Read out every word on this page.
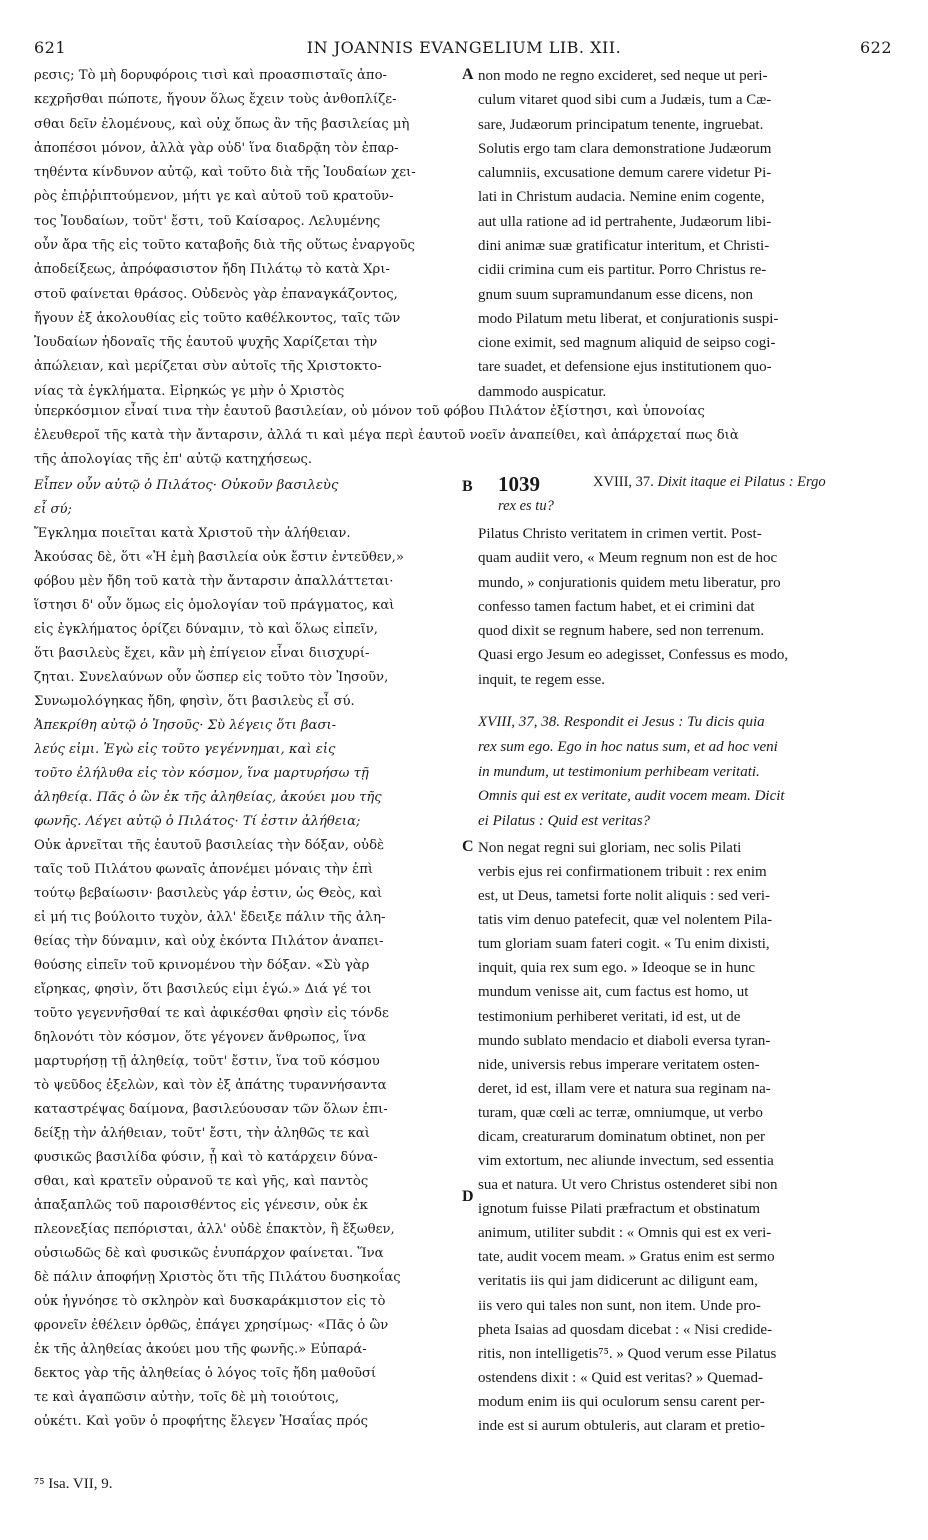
621	IN JOANNIS EVANGELIUM LIB. XII.	622
A
B
C
D
ρεσις; Τὸ μὴ δορυφόροις τισὶ καὶ προασπισταῖς ἀπο-
κεχρῆσθαι πώποτε, ἤγουν ὅλως ἔχειν τοὺς ἀνθοπλίζε-
σθαι δεῖν ἐλομένους, καὶ οὐχ ὅπως ἂν τῆς βασιλείας μὴ
ἀποπέσοι μόνον, ἀλλὰ γὰρ οὐδ' ἵνα διαδρᾷη τὸν ἐπαρ-
τηθέντα κίνδυνον αὐτῷ, καὶ τοῦτο διὰ τῆς Ἰουδαίων χει-
ρὸς ἐπιῤῥιπτούμενον, μήτι γε καὶ αὐτοῦ τοῦ κρατοῦν-
τος Ἰουδαίων, τοῦτ' ἔστι, τοῦ Καίσαρος. Λελυμένης
οὖν ἄρα τῆς εἰς τοῦτο καταβοῆς διὰ τῆς οὕτως ἐναργοῦς
ἀποδείξεως, ἀπρόφασιστον ἤδη Πιλάτῳ τὸ κατὰ Χρι-
στοῦ φαίνεται θράσος. Οὐδενὸς γὰρ ἐπαναγκάζοντος,
ἤγουν ἐξ ἀκολουθίας εἰς τοῦτο καθέλκοντος, ταῖς τῶν
Ἰουδαίων ἡδοναῖς τῆς ἑαυτοῦ ψυχῆς Χαρίζεται τὴν
ἀπώλειαν, καὶ μερίζεται σὺν αὐτοῖς τῆς Χριστοκτο-
νίας τὰ ἐγκλήματα. Εἰρηκώς γε μὴν ὁ Χριστὸς
non modo ne regno excideret, sed neque ut peri-
culum vitaret quod sibi cum a Judæis, tum a Cæ-
sare, Judæorum principatum tenente, ingruebat.
Solutis ergo tam clara demonstratione Judæorum
calumniis, excusatione demum carere videtur Pi-
lati in Christum audacia. Nemine enim cogente,
aut ulla ratione ad id pertrahente, Judæorum libi-
dini animæ suæ gratificatur interitum, et Christi-
cidii crimina cum eis partitur. Porro Christus re-
gnum suum supramundanum esse dicens, non
modo Pilatum metu liberat, et conjurationis suspi-
cione eximit, sed magnum aliquid de seipso cogi-
tare suadet, et defensione ejus institutionem quo-
dammodo auspicatur.
ὑπερκόσμιον εἶναί τινα τὴν ἑαυτοῦ βασιλείαν, οὐ μόνον τοῦ φόβου Πιλάτον ἐξίστησι, καὶ ὑπονοίας
ἐλευθεροῖ τῆς κατὰ τὴν ἄνταρσιν, ἀλλά τι καὶ μέγα περὶ ἑαυτοῦ νοεῖν ἀναπείθει, καὶ ἀπάρχεταί πως διὰ
τῆς ἀπολογίας τῆς ἐπ' αὐτῷ κατηχήσεως.
Εἶπεν οὖν αὐτῷ ὁ Πιλάτος· Οὐκοῦν βασιλεὺς
εἶ σύ;
Ἔγκλημα ποιεῖται κατὰ Χριστοῦ τὴν ἀλήθειαν.
Ἀκούσας δὲ, ὅτι «Ἡ ἐμὴ βασιλεία οὐκ ἔστιν ἐντεῦθεν,»
φόβου μὲν ἤδη τοῦ κατὰ τὴν ἄνταρσιν ἀπαλλάττεται·
ἵστησι δ' οὖν ὅμως εἰς ὁμολογίαν τοῦ πράγματος, καὶ
εἰς ἐγκλήματος ὁρίζει δύναμιν, τὸ καὶ ὅλως εἰπεῖν,
ὅτι βασιλεὺς ἔχει, κἂν μὴ ἐπίγειον εἶναι διισχυρί-
ζηται. Συνελαύνων οὖν ὥσπερ εἰς τοῦτο τὸν Ἰησοῦν,
Συνωμολόγηκας ἤδη, φησὶν, ὅτι βασιλεὺς εἶ σύ.
Ἀπεκρίθη αὐτῷ ὁ Ἰησοῦς· Σὺ λέγεις ὅτι βασι-
λεύς εἰμι. Ἐγὼ εἰς τοῦτο γεγέννημαι, καὶ εἰς
τοῦτο ἐλήλυθα εἰς τὸν κόσμον, ἵνα μαρτυρήσω τῇ
ἀληθείᾳ. Πᾶς ὁ ὢν ἐκ τῆς ἀληθείας, ἀκούει μου τῆς
φωνῆς. Λέγει αὐτῷ ὁ Πιλάτος· Τί ἐστιν ἀλήθεια;
Οὐκ ἀρνεῖται τῆς ἑαυτοῦ βασιλείας τὴν δόξαν, οὐδὲ
ταῖς τοῦ Πιλάτου φωναῖς ἀπονέμει μόναις τὴν ἐπὶ
τούτῳ βεβαίωσιν· βασιλεὺς γάρ ἐστιν, ὡς Θεὸς, καὶ
εἰ μή τις βούλοιτο τυχὸν, ἀλλ' ἔδειξε πάλιν τῆς ἀλη-
θείας τὴν δύναμιν, καὶ οὐχ ἑκόντα Πιλάτον ἀναπει-
θούσης εἰπεῖν τοῦ κρινομένου τὴν δόξαν. «Σὺ γὰρ
εἴρηκας, φησὶν, ὅτι βασιλεύς εἰμι ἐγώ.» Διά γέ τοι
τοῦτο γεγεννῆσθαί τε καὶ ἀφικέσθαι φησὶν εἰς τόνδε
δηλονότι τὸν κόσμον, ὅτε γέγονεν ἄνθρωπος, ἵνα
μαρτυρήσῃ τῇ ἀληθείᾳ, τοῦτ' ἔστιν, ἵνα τοῦ κόσμου
τὸ ψεῦδος ἐξελὼν, καὶ τὸν ἐξ ἀπάτης τυραννήσαντα
καταστρέψας δαίμονα, βασιλεύουσαν τῶν ὅλων ἐπι-
δείξῃ τὴν ἀλήθειαν, τοῦτ' ἔστι, τὴν ἀληθῶς τε καὶ
φυσικῶς βασιλίδα φύσιν, ᾗ καὶ τὸ κατάρχειν δύνα-
σθαι, καὶ κρατεῖν οὐρανοῦ τε καὶ γῆς, καὶ παντὸς
ἁπαξαπλῶς τοῦ παροισθέντος εἰς γένεσιν, οὐκ ἐκ
πλεονεξίας πεπόρισται, ἀλλ' οὐδὲ ἐπακτὸν, ἢ ἔξωθεν,
οὐσιωδῶς δὲ καὶ φυσικῶς ἐνυπάρχον φαίνεται. Ἵνα
δὲ πάλιν ἀποφήνῃ Χριστὸς ὅτι τῆς Πιλάτου δυσηκοΐας
οὐκ ἠγνόησε τὸ σκληρὸν καὶ δυσκαράκμιστον εἰς τὸ
φρονεῖν ἐθέλειν ὀρθῶς, ἐπάγει χρησίμως· «Πᾶς ὁ ὢν
ἐκ τῆς ἀληθείας ἀκούει μου τῆς φωνῆς.» Εὐπαρά-
δεκτος γὰρ τῆς ἀληθείας ὁ λόγος τοῖς ἤδη μαθοῦσί
τε καὶ ἀγαπῶσιν αὐτὴν, τοῖς δὲ μὴ τοιούτοις,
οὐκέτι. Καὶ γοῦν ὁ προφήτης ἔλεγεν Ἡσαΐας πρός
1039	XVIII, 37. Dixit itaque ei Pilatus : Ergo
rex es tu?
Pilatus Christo veritatem in crimen vertit. Post-
quam audiit vero, « Meum regnum non est de hoc
mundo, » conjurationis quidem metu liberatur, pro
confesso tamen factum habet, et ei crimini dat
quod dixit se regnum habere, sed non terrenum.
Quasi ergo Jesum eo adegisset, Confessus es modo,
inquit, te regem esse.
XVIII, 37, 38. Respondit ei Jesus : Tu dicis quia
rex sum ego. Ego in hoc natus sum, et ad hoc veni
in mundum, ut testimonium perhibeam veritati.
Omnis qui est ex veritate, audit vocem meam. Dicit
ei Pilatus : Quid est veritas?
Non negat regni sui gloriam, nec solis Pilati
verbis ejus rei confirmationem tribuit : rex enim
est, ut Deus, tametsi forte nolit aliquis : sed veri-
tatis vim denuo patefecit, quæ vel nolentem Pila-
tum gloriam suam fateri cogit. « Tu enim dixisti,
inquit, quia rex sum ego. » Ideoque se in hunc
mundum venisse ait, cum factus est homo, ut
testimonium perhiberet veritati, id est, ut de
mundo sublato mendacio et diaboli eversa tyran-
nide, universis rebus imperare veritatem osten-
deret, id est, illam vere et natura sua reginam na-
turam, quæ cœli ac terræ, omniumque, ut verbo
dicam, creaturarum dominatum obtinet, non per
vim extortum, nec aliunde invectum, sed essentia
sua et natura. Ut vero Christus ostenderet sibi non
ignotum fuisse Pilati præfractum et obstinatum
animum, utiliter subdit : « Omnis qui est ex veri-
tate, audit vocem meam. » Gratus enim est sermo
veritatis iis qui jam didicerunt ac diligunt eam,
iis vero qui tales non sunt, non item. Unde pro-
pheta Isaias ad quosdam dicebat : « Nisi credide-
ritis, non intelligetis⁷⁵. » Quod verum esse Pilatus
ostendens dixit : « Quid est veritas? » Quemad-
modum enim iis qui oculorum sensu carent per-
inde est si aurum obtuleris, aut claram et pretio-
⁷⁵ Isa. VII, 9.
